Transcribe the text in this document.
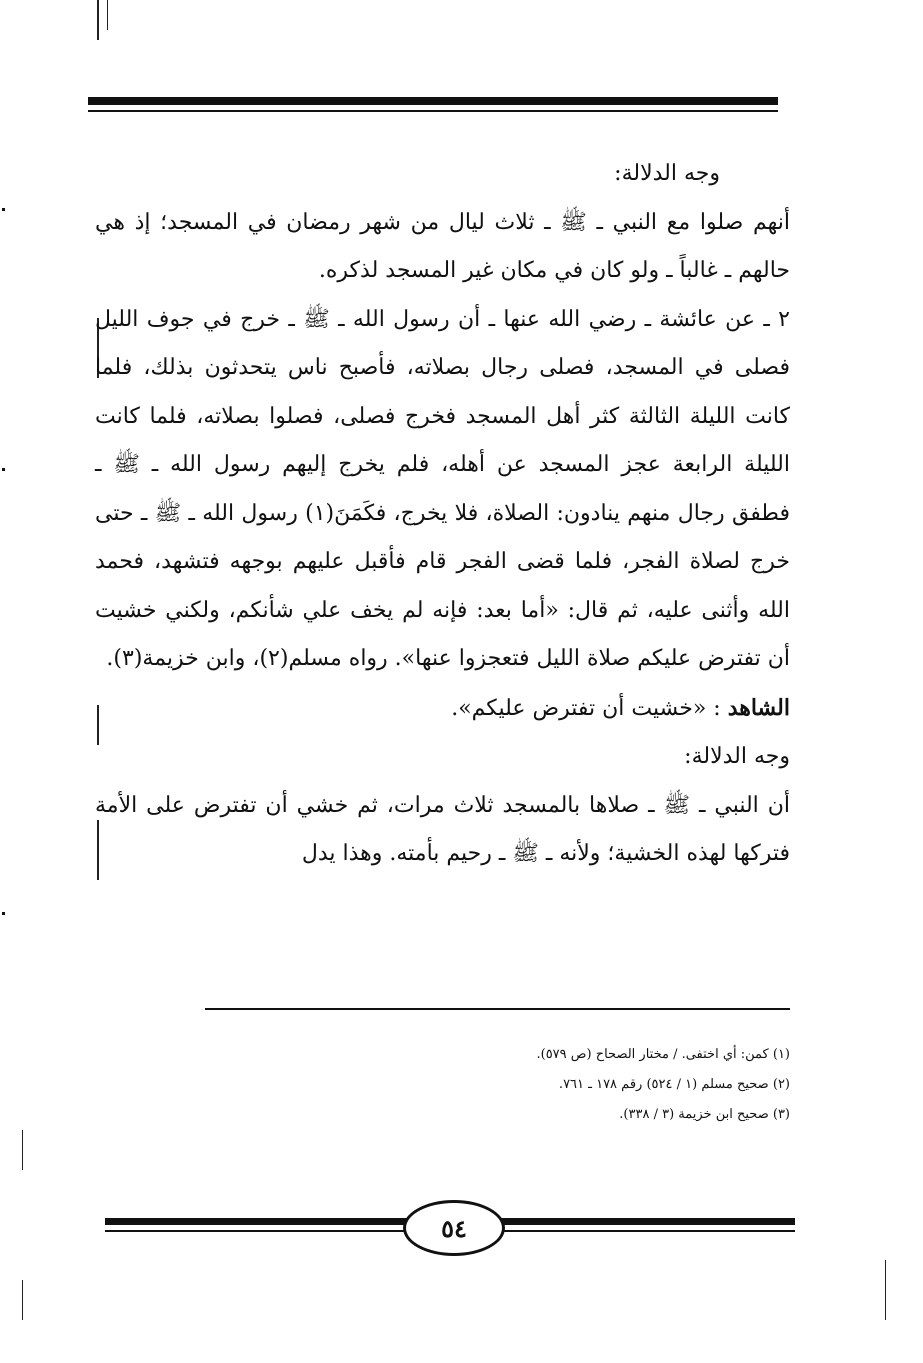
وجه الدلالة:

أنهم صلوا مع النبي ـ ﷺ ـ ثلاث ليال من شهر رمضان في المسجد؛ إذ هي حالهم ـ غالباً ـ ولو كان في مكان غير المسجد لذكره.

٢ ـ عن عائشة ـ رضي الله عنها ـ أن رسول الله ـ ﷺ ـ خرج في جوف الليل فصلى في المسجد، فصلى رجال بصلاته، فأصبح ناس يتحدثون بذلك، فلما كانت الليلة الثالثة كثر أهل المسجد فخرج فصلى، فصلوا بصلاته، فلما كانت الليلة الرابعة عجز المسجد عن أهله، فلم يخرج إليهم رسول الله ـ ﷺ ـ فطفق رجال منهم ينادون: الصلاة، فلا يخرج، فكَمَنَ(١) رسول الله ـ ﷺ ـ حتى خرج لصلاة الفجر، فلما قضى الفجر قام فأقبل عليهم بوجهه فتشهد، فحمد الله وأثنى عليه، ثم قال: «أما بعد: فإنه لم يخف علي شأنكم، ولكني خشيت أن تفترض عليكم صلاة الليل فتعجزوا عنها». رواه مسلم(٢)، وابن خزيمة(٣).

الشاهد : «خشيت أن تفترض عليكم».

وجه الدلالة:

أن النبي ـ ﷺ ـ صلاها بالمسجد ثلاث مرات، ثم خشي أن تفترض على الأمة فتركها لهذه الخشية؛ ولأنه ـ ﷺ ـ رحيم بأمته. وهذا يدل

(١) كمن: أي اختفى. / مختار الصحاح (ص ٥٧٩).

(٢) صحيح مسلم (١ / ٥٢٤) رقم ١٧٨ ـ ٧٦١.

(٣) صحيح ابن خزيمة (٣ / ٣٣٨).

٥٤
